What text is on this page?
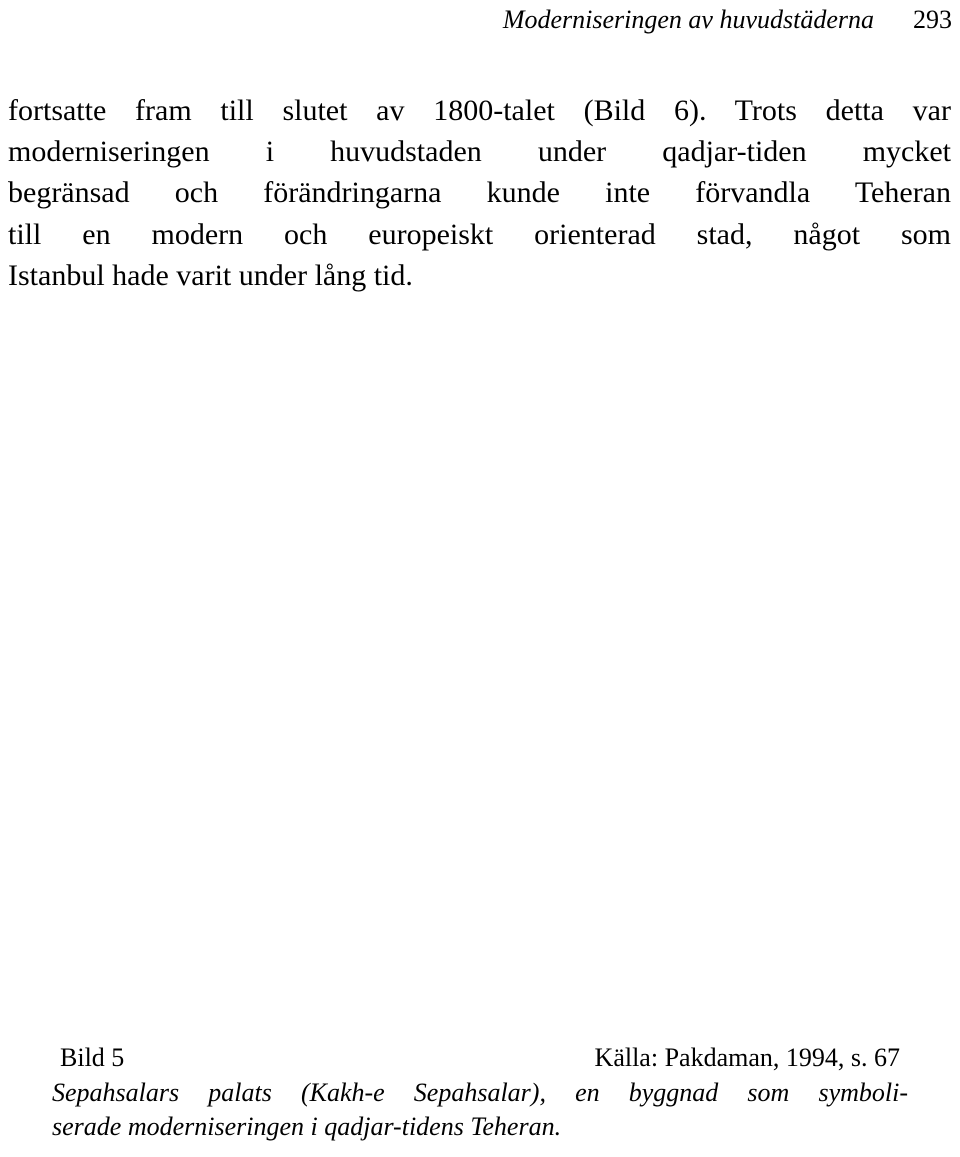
Moderniseringen av huvudstäderna 293
fortsatte fram till slutet av 1800-talet (Bild 6). Trots detta var
moderniseringen i huvudstaden under qadjar-tiden mycket
begränsad och förändringarna kunde inte förvandla Teheran
till en modern och europeiskt orienterad stad, något som
Istanbul hade varit under lång tid.
Bild 5	Källa: Pakdaman, 1994, s. 67
Sepahsalars palats (Kakh-e Sepahsalar), en byggnad som symboli-
serade moderniseringen i qadjar-tidens Teheran.
